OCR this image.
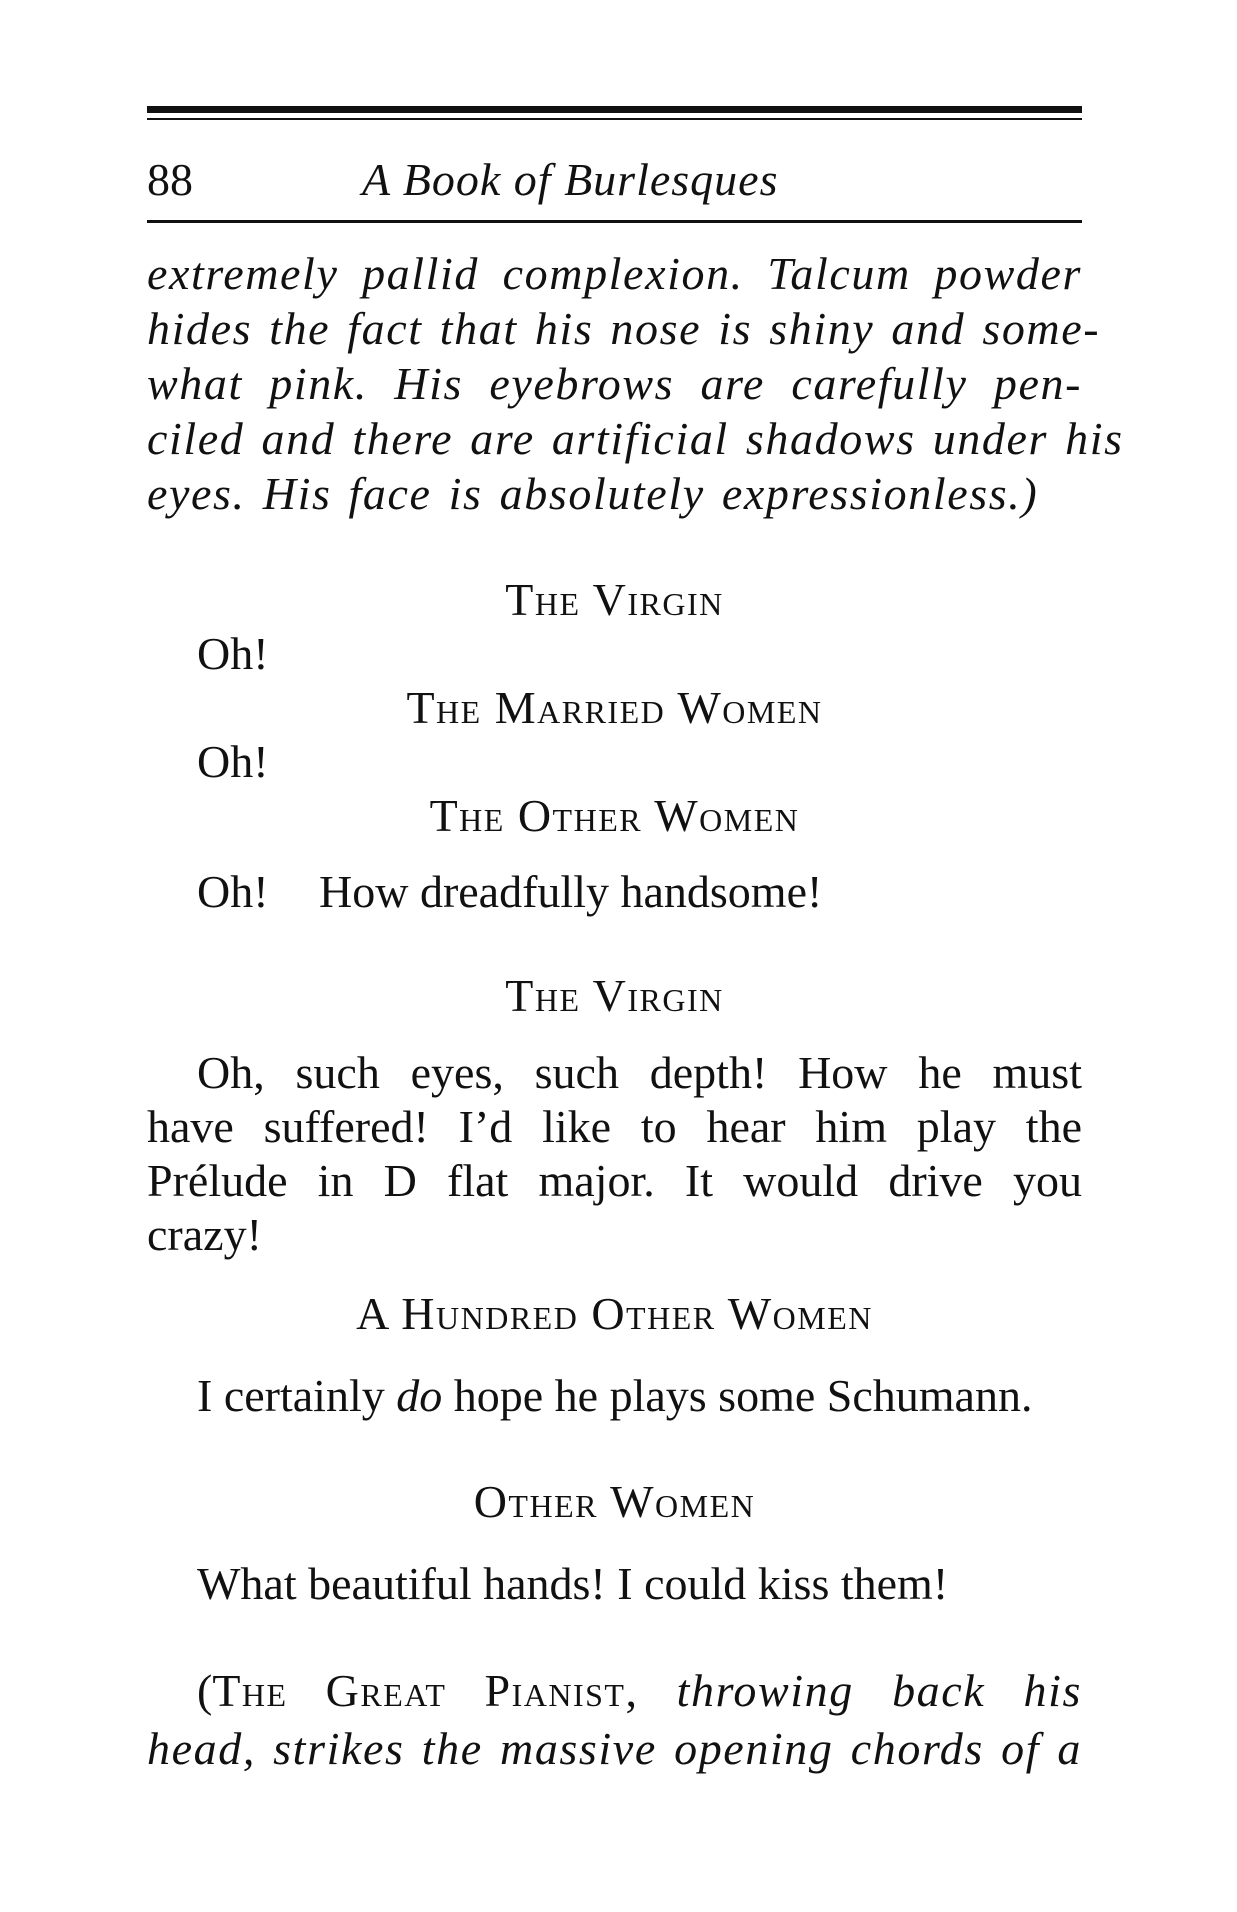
88	A Book of Burlesques
extremely pallid complexion. Talcum powder
hides the fact that his nose is shiny and some-
what pink. His eyebrows are carefully pen-
ciled and there are artificial shadows under his
eyes. His face is absolutely expressionless.)
The Virgin
Oh!
The Married Women
Oh!
The Other Women
Oh! How dreadfully handsome!
The Virgin
Oh, such eyes, such depth! How he must
have suffered! I’d like to hear him play the
Prélude in D flat major. It would drive you
crazy!
A Hundred Other Women
I certainly do hope he plays some Schumann.
Other Women
What beautiful hands! I could kiss them!
(The Great Pianist, throwing back his
head, strikes the massive opening chords of a
